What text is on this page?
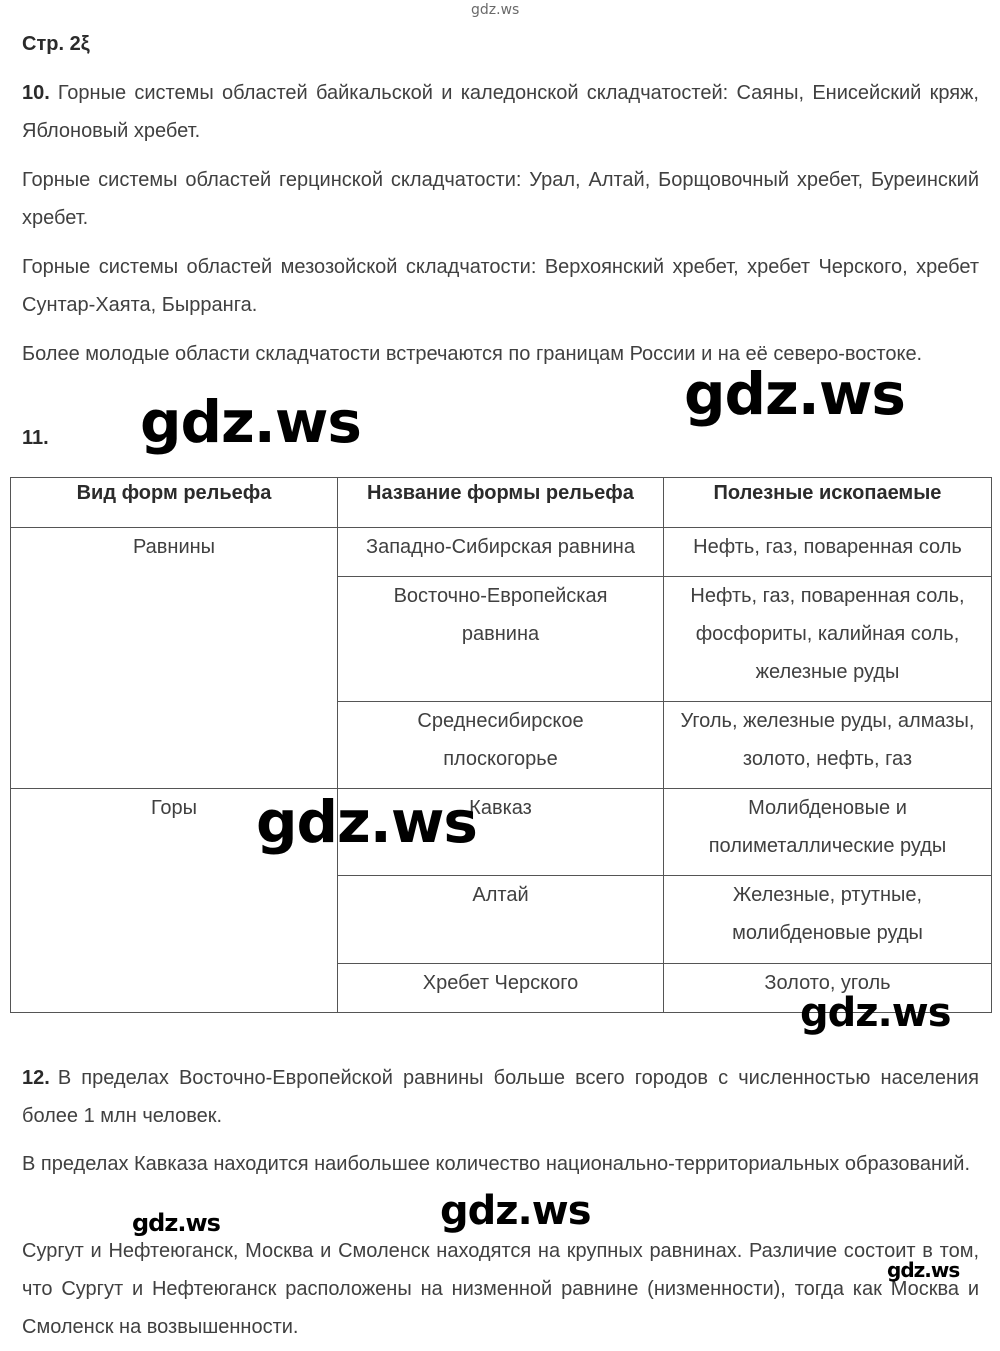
gdz.ws
Стр. 2ξ
10. Горные системы областей байкальской и каледонской складчатостей: Саяны, Енисейский кряж, Яблоновый хребет.
Горные системы областей герцинской складчатости: Урал, Алтай, Борщовочный хребет, Буреинский хребет.
Горные системы областей мезозойской складчатости: Верхоянский хребет, хребет Черского, хребет Сунтар-Хаята, Бырранга.
Более молодые области складчатости встречаются по границам России и на её северо-востоке.
11.
Вид форм рельефа	Название формы рельефа	Полезные ископаемые
Равнины	Западно-Сибирская равнина	Нефть, газ, поваренная соль
	Восточно-Европейская равнина	Нефть, газ, поваренная соль, фосфориты, калийная соль, железные руды
	Среднесибирское плоскогорье	Уголь, железные руды, алмазы, золото, нефть, газ
Горы	Кавказ	Молибденовые и полиметаллические руды
	Алтай	Железные, ртутные, молибденовые руды
	Хребет Черского	Золото, уголь
12. В пределах Восточно-Европейской равнины больше всего городов с численностью населения более 1 млн человек.
В пределах Кавказа находится наибольшее количество национально-территориальных образований.
Сургут и Нефтеюганск, Москва и Смоленск находятся на крупных равнинах. Различие состоит в том, что Сургут и Нефтеюганск расположены на низменной равнине (низменности), тогда как Москва и Смоленск на возвышенности.
gdz.ws	gdz.ws
gdz.ws
gdz.ws
gdz.ws
gdz.ws
gdz.ws
